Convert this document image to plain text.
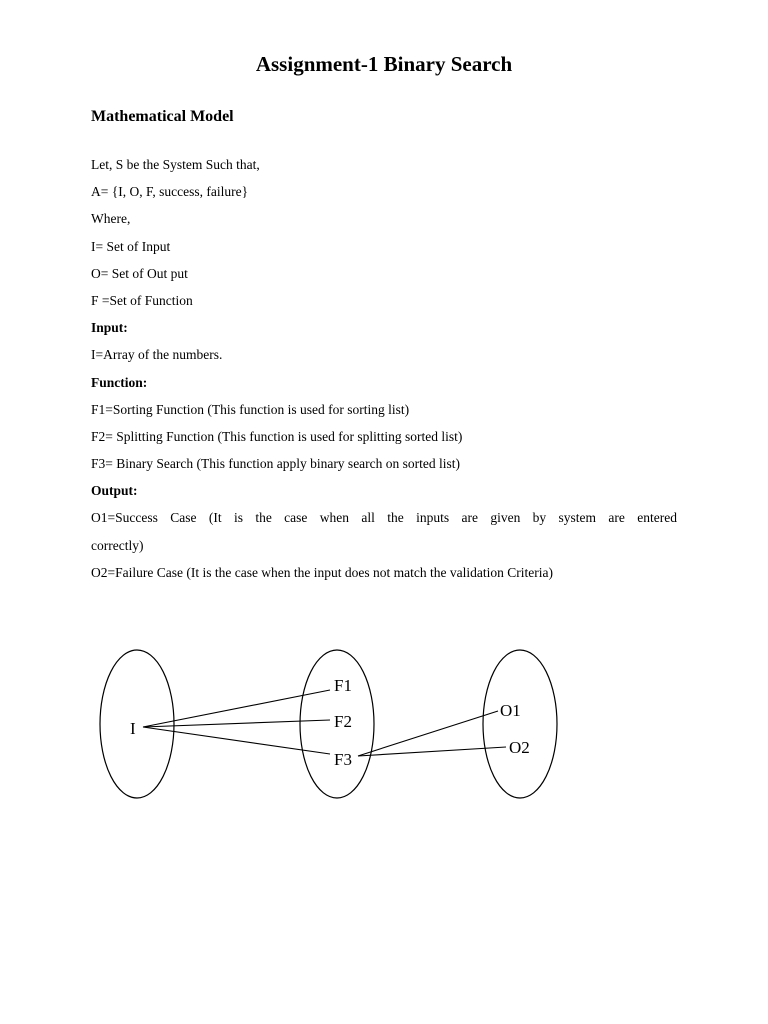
Assignment-1 Binary Search
Mathematical Model
Let, S be the System Such that,
A= {I, O, F, success, failure}
Where,
I= Set of Input
O= Set of Out put
F =Set of Function
Input:
I=Array of the numbers.
Function:
F1=Sorting Function (This function is used for sorting list)
F2= Splitting Function (This function is used for splitting sorted list)
F3= Binary Search (This function apply binary search on sorted list)
Output:
O1=Success Case (It is the case when all the inputs are given by system are entered
correctly)
O2=Failure Case (It is the case when the input does not match the validation Criteria)
I
F1
F2
F3
O1
O2
